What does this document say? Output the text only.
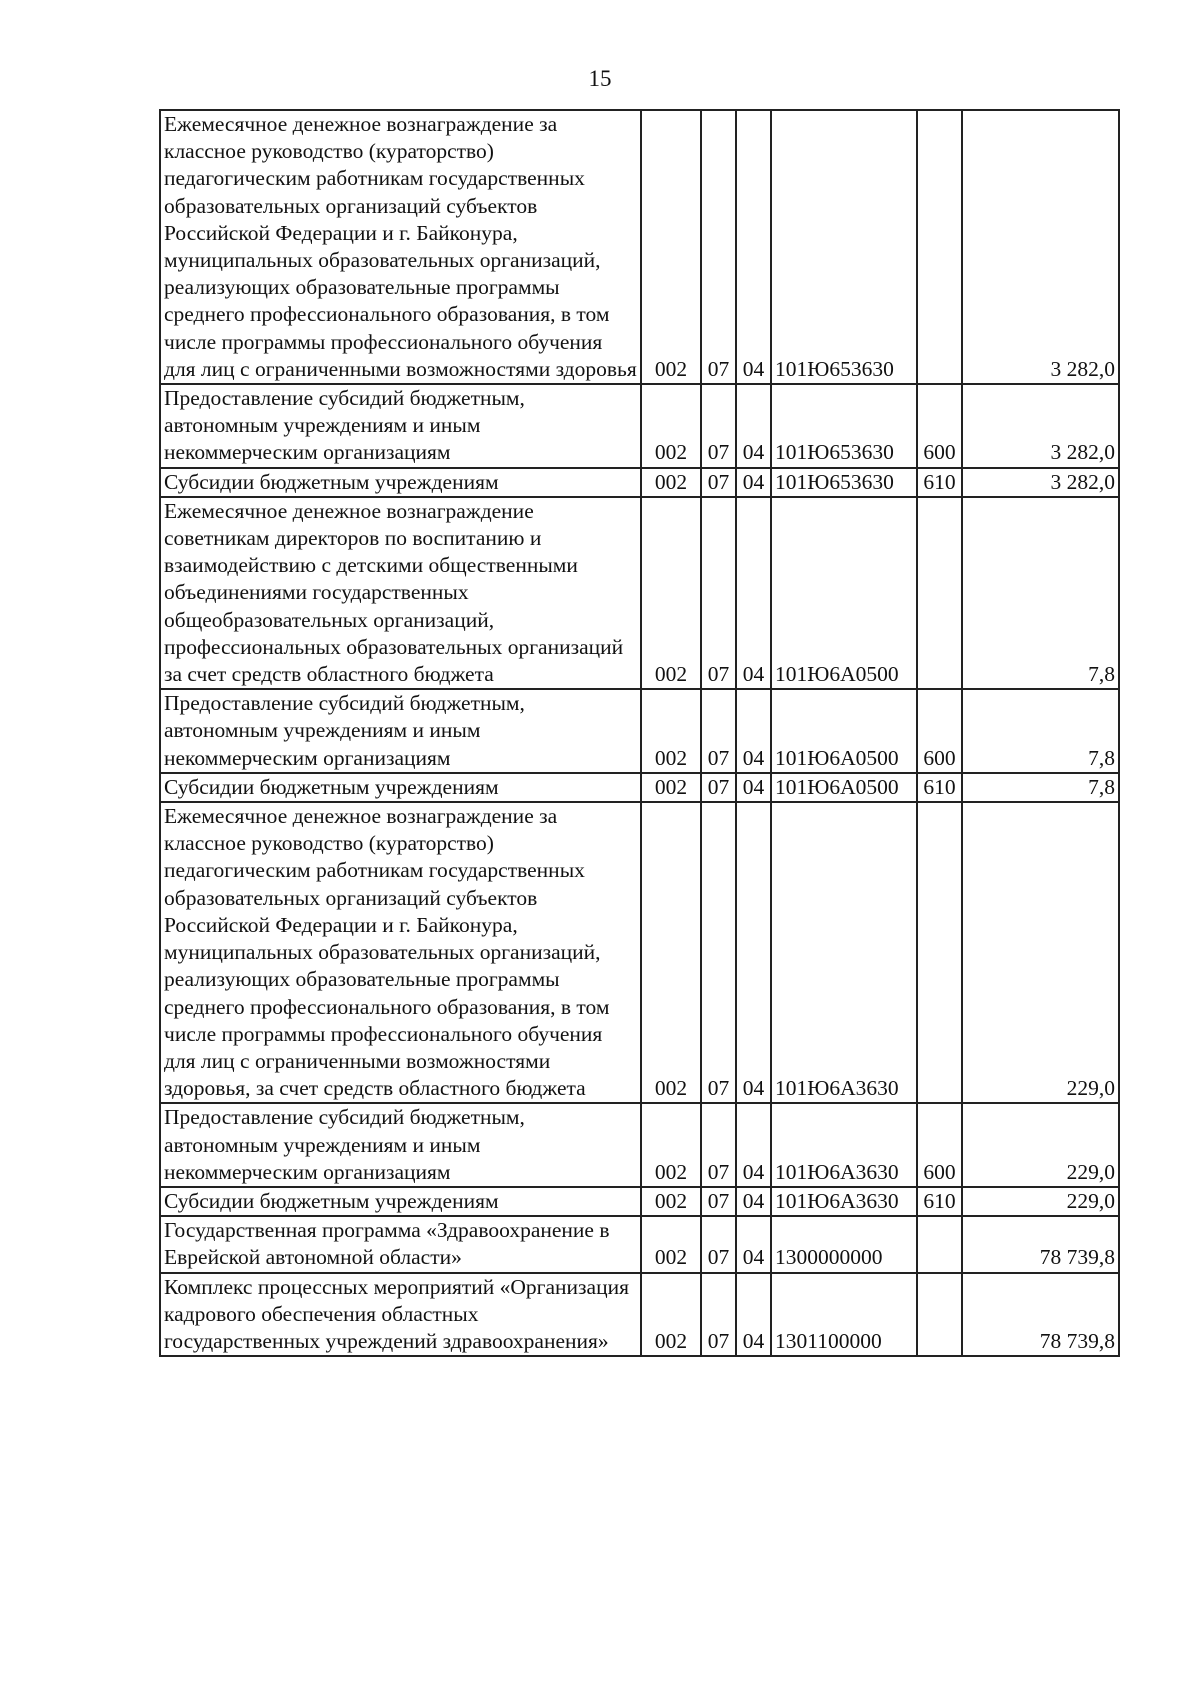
15
Ежемесячное денежное вознаграждение за классное руководство (кураторство) педагогическим работникам государственных образовательных организаций субъектов Российской Федерации и г. Байконура, муниципальных образовательных организаций, реализующих образовательные программы среднего профессионального образования, в том числе программы профессионального обучения для лиц с ограниченными возможностями здоровья	002	07	04	101Ю653630		3 282,0
Предоставление субсидий бюджетным, автономным учреждениям и иным некоммерческим организациям	002	07	04	101Ю653630	600	3 282,0
Субсидии бюджетным учреждениям	002	07	04	101Ю653630	610	3 282,0
Ежемесячное денежное вознаграждение советникам директоров по воспитанию и взаимодействию с детскими общественными объединениями государственных общеобразовательных организаций, профессиональных образовательных организаций за счет средств областного бюджета	002	07	04	101Ю6А0500		7,8
Предоставление субсидий бюджетным, автономным учреждениям и иным некоммерческим организациям	002	07	04	101Ю6А0500	600	7,8
Субсидии бюджетным учреждениям	002	07	04	101Ю6А0500	610	7,8
Ежемесячное денежное вознаграждение за классное руководство (кураторство) педагогическим работникам государственных образовательных организаций субъектов Российской Федерации и г. Байконура, муниципальных образовательных организаций, реализующих образовательные программы среднего профессионального образования, в том числе программы профессионального обучения для лиц с ограниченными возможностями здоровья, за счет средств областного бюджета	002	07	04	101Ю6А3630		229,0
Предоставление субсидий бюджетным, автономным учреждениям и иным некоммерческим организациям	002	07	04	101Ю6А3630	600	229,0
Субсидии бюджетным учреждениям	002	07	04	101Ю6А3630	610	229,0
Государственная программа «Здравоохранение в Еврейской автономной области»	002	07	04	1300000000		78 739,8
Комплекс процессных мероприятий «Организация кадрового обеспечения областных государственных учреждений здравоохранения»	002	07	04	1301100000		78 739,8
